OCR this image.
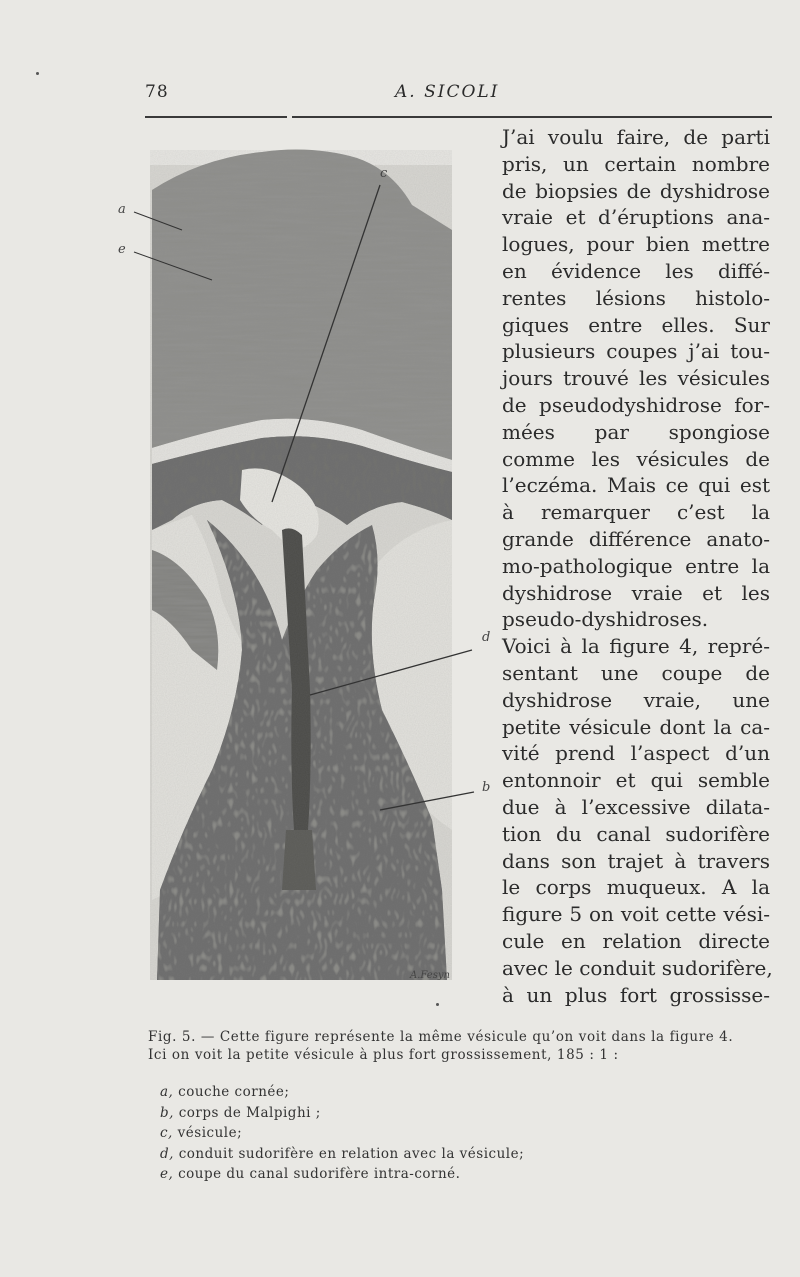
78	A. SICOLI
a
e
c
d
b
A.Fesyn
J’ai voulu faire, de parti
pris, un certain nombre
de biopsies de dyshidrose
vraie et d’éruptions ana-
logues, pour bien mettre
en évidence les diffé-
rentes lésions histolo-
giques entre elles. Sur
plusieurs coupes j’ai tou-
jours trouvé les vésicules
de pseudodyshidrose for-
mées par spongiose
comme les vésicules de
l’eczéma. Mais ce qui est
à remarquer c’est la
grande différence anato-
mo-pathologique entre la
dyshidrose vraie et les
pseudo-dyshidroses.
Voici à la figure 4, repré-
sentant une coupe de
dyshidrose vraie, une
petite vésicule dont la ca-
vité prend l’aspect d’un
entonnoir et qui semble
due à l’excessive dilata-
tion du canal sudorifère
dans son trajet à travers
le corps muqueux. A la
figure 5 on voit cette vési-
cule en relation directe
avec le conduit sudorifère,
à un plus fort grossisse-
Fig. 5. — Cette figure représente la même vésicule qu’on voit dans la figure 4.
Ici on voit la petite vésicule à plus fort grossissement, 185 : 1 :
a, couche cornée;
b, corps de Malpighi ;
c, vésicule;
d, conduit sudorifère en relation avec la vésicule;
e, coupe du canal sudorifère intra-corné.
